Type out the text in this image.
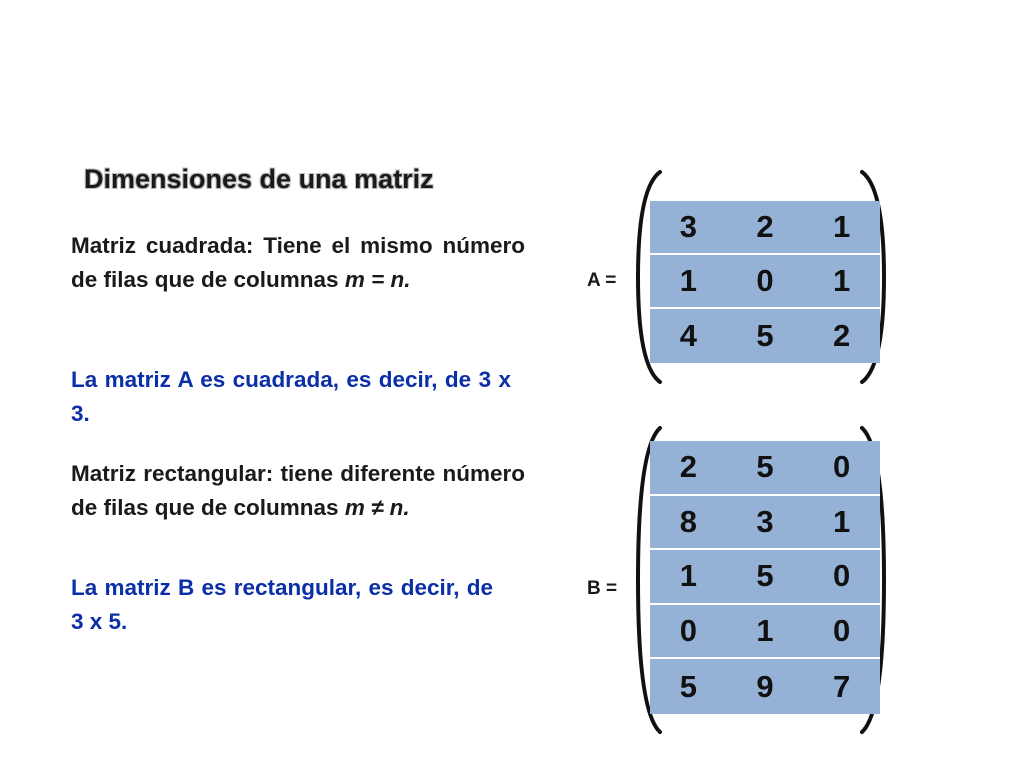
Dimensiones de una matriz
Matriz cuadrada: Tiene el mismo número de filas que de columnas m = n.
La matriz A es cuadrada, es decir, de 3 x 3.
Matriz rectangular: tiene diferente número de filas que de columnas m ≠ n.
La matriz B es rectangular, es decir, de 3 x 5.
A =
3	2	1
1	0	1
4	5	2
B =
2	5	0
8	3	1
1	5	0
0	1	0
5	9	7
